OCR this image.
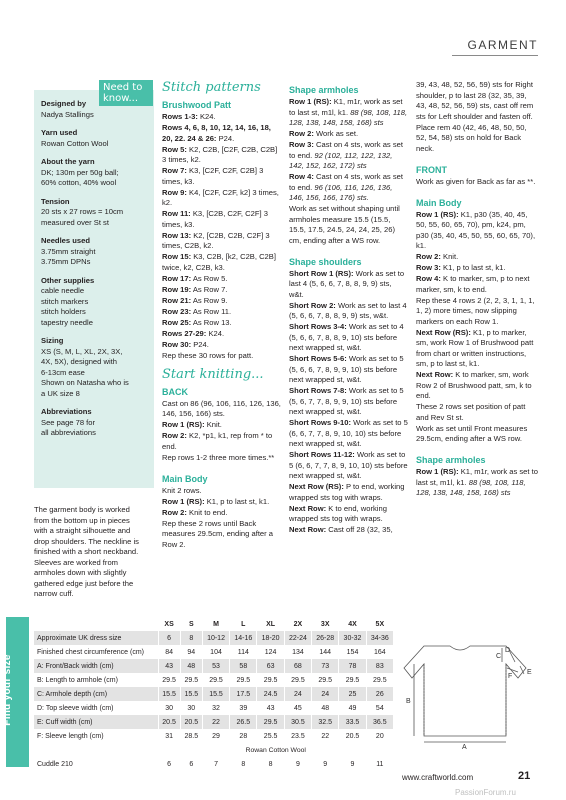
GARMENT
Designed by
Nadya Stallings
Yarn used
Rowan Cotton Wool
About the yarn
DK; 130m per 50g ball;
60% cotton, 40% wool
Tension
20 sts x 27 rows = 10cm
measured over St st
Needles used
3.75mm straight
3.75mm DPNs
Other supplies
cable needle
stitch markers
stitch holders
tapestry needle
Sizing
XS (S, M, L, XL, 2X, 3X,
4X, 5X), designed with
6-13cm ease
Shown on Natasha who is
a UK size 8
Abbreviations
See page 78 for
all abbreviations
Need to know...
The garment body is worked
from the bottom up in pieces
with a straight silhouette and
drop shoulders. The neckline is
finished with a short neckband.
Sleeves are worked from
armholes down with slightly
gathered edge just before the
narrow cuff.
Stitch patterns
Brushwood Patt
Rows 1-3: K24.
Rows 4, 6, 8, 10, 12, 14, 16, 18, 20, 22. 24 & 26: P24.
Row 5: K2, C2B, [C2F, C2B, C2B] 3 times, k2.
Row 7: K3, [C2F, C2F, C2B] 3 times, k3.
Row 9: K4, [C2F, C2F, k2] 3 times, k2.
Row 11: K3, [C2B, C2F, C2F] 3 times, k3.
Row 13: K2, [C2B, C2B, C2F] 3 times, C2B, k2.
Row 15: K3, C2B, [k2, C2B, C2B] twice, k2, C2B, k3.
Row 17: As Row 5.
Row 19: As Row 7.
Row 21: As Row 9.
Row 23: As Row 11.
Row 25: As Row 13.
Rows 27-29: K24.
Row 30: P24.
Rep these 30 rows for patt.
Start knitting...
BACK
Cast on 86 (96, 106, 116, 126, 136, 146, 156, 166) sts.
Row 1 (RS): Knit.
Row 2: K2, *p1, k1, rep from * to end.
Rep rows 1-2 three more times.**
Main Body
Knit 2 rows.
Row 1 (RS): K1, p to last st, k1.
Row 2: Knit to end.
Rep these 2 rows until Back measures 29.5cm, ending after a Row 2.
Shape armholes
Row 1 (RS): K1, m1r, work as set to last st, m1l, k1. 88 (98, 108, 118, 128, 138, 148, 158, 168) sts
Row 2: Work as set.
Row 3: Cast on 4 sts, work as set to end. 92 (102, 112, 122, 132, 142, 152, 162, 172) sts
Row 4: Cast on 4 sts, work as set to end. 96 (106, 116, 126, 136, 146, 156, 166, 176) sts.
Work as set without shaping until armholes measure 15.5 (15.5, 15.5, 17.5, 24.5, 24, 24, 25, 26) cm, ending after a WS row.
Shape shoulders
Short Row 1 (RS): Work as set to last 4 (5, 6, 6, 7, 8, 8, 9, 9) sts, w&t.
Short Row 2: Work as set to last 4 (5, 6, 6, 7, 8, 8, 9, 9) sts, w&t.
Short Rows 3-4: Work as set to 4 (5, 6, 6, 7, 8, 8, 9, 10) sts before next wrapped st, w&t.
Short Rows 5-6: Work as set to 5 (5, 6, 6, 7, 8, 9, 9, 10) sts before next wrapped st, w&t.
Short Rows 7-8: Work as set to 5 (5, 6, 7, 7, 8, 9, 9, 10) sts before next wrapped st, w&t.
Short Rows 9-10: Work as set to 5 (6, 6, 7, 7, 8, 9, 10, 10) sts before next wrapped st, w&t.
Short Rows 11-12: Work as set to 5 (6, 6, 7, 7, 8, 9, 10, 10) sts before next wrapped st, w&t.
Next Row (RS): P to end, working wrapped sts tog with wraps.
Next Row: K to end, working wrapped sts tog with wraps.
Next Row: Cast off 28 (32, 35,
39, 43, 48, 52, 56, 59) sts for Right shoulder, p to last 28 (32, 35, 39, 43, 48, 52, 56, 59) sts, cast off rem sts for Left shoulder and fasten off.
Place rem 40 (42, 46, 48, 50, 50, 52, 54, 58) sts on hold for Back neck.
FRONT
Work as given for Back as far as **.
Main Body
Row 1 (RS): K1, p30 (35, 40, 45, 50, 55, 60, 65, 70), pm, k24, pm, p30 (35, 40, 45, 50, 55, 60, 65, 70), k1.
Row 2: Knit.
Row 3: K1, p to last st, k1.
Row 4: K to marker, sm, p to next marker, sm, k to end.
Rep these 4 rows 2 (2, 2, 3, 1, 1, 1, 1, 2) more times, now slipping markers on each Row 1.
Next Row (RS): K1, p to marker, sm, work Row 1 of Brushwood patt from chart or written instructions, sm, p to last st, k1.
Next Row: K to marker, sm, work Row 2 of Brushwood patt, sm, k to end.
These 2 rows set position of patt and Rev St st.
Work as set until Front measures 29.5cm, ending after a WS row.
Shape armholes
Row 1 (RS): K1, m1r, work as set to last st, m1l, k1. 88 (98, 108, 118, 128, 138, 148, 158, 168) sts
Find your size
	XS	S	M	L	XL	2X	3X	4X	5X
Approximate UK dress size	6	8	10-12	14-16	18-20	22-24	26-28	30-32	34-36
Finished chest circumference (cm)	84	94	104	114	124	134	144	154	164
A: Front/Back width (cm)	43	48	53	58	63	68	73	78	83
B: Length to armhole (cm)	29.5	29.5	29.5	29.5	29.5	29.5	29.5	29.5	29.5
C: Armhole depth (cm)	15.5	15.5	15.5	17.5	24.5	24	24	25	26
D: Top sleeve width (cm)	30	30	32	39	43	45	48	49	54
E: Cuff width (cm)	20.5	20.5	22	26.5	29.5	30.5	32.5	33.5	36.5
F: Sleeve length (cm)	31	28.5	29	28	25.5	23.5	22	20.5	20
	Rowan Cotton Wool								
Cuddle 210	6	6	7	8	8	9	9	9	11
A
B
C
D
E
F
www.craftworld.com	21
PassionForum.ru
